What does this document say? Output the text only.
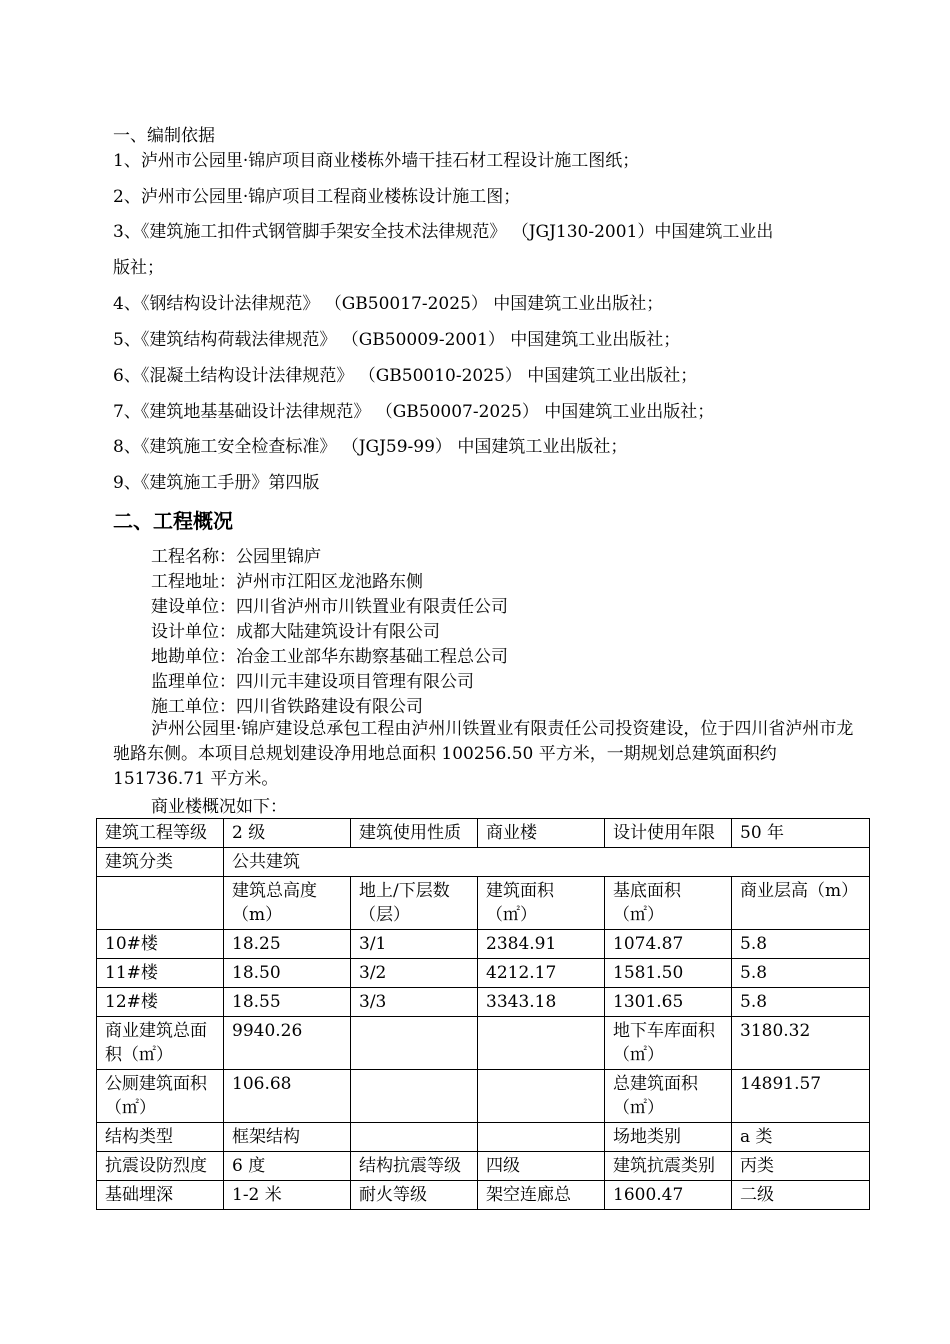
一、编制依据
1、泸州市公园里·锦庐项目商业楼栋外墙干挂石材工程设计施工图纸；
2、泸州市公园里·锦庐项目工程商业楼栋设计施工图；
3、《建筑施工扣件式钢管脚手架安全技术法律规范》 （JGJ130-2001）中国建筑工业出
版社；
4、《钢结构设计法律规范》 （GB50017-2025） 中国建筑工业出版社；
5、《建筑结构荷载法律规范》 （GB50009-2001） 中国建筑工业出版社；
6、《混凝土结构设计法律规范》 （GB50010-2025） 中国建筑工业出版社；
7、《建筑地基基础设计法律规范》 （GB50007-2025） 中国建筑工业出版社；
8、《建筑施工安全检查标准》 （JGJ59-99） 中国建筑工业出版社；
9、《建筑施工手册》第四版
二、工程概况
工程名称：公园里锦庐
工程地址：泸州市江阳区龙池路东侧
建设单位：四川省泸州市川铁置业有限责任公司
设计单位：成都大陆建筑设计有限公司
地勘单位：冶金工业部华东勘察基础工程总公司
监理单位：四川元丰建设项目管理有限公司
施工单位：四川省铁路建设有限公司
泸州公园里·锦庐建设总承包工程由泸州川铁置业有限责任公司投资建设，位于四川省泸州市龙驰路东侧。本项目总规划建设净用地总面积 100256.50 平方米，一期规划总建筑面积约 151736.71 平方米。
商业楼概况如下：
建筑工程等级	2 级	建筑使用性质	商业楼	设计使用年限	50 年
建筑分类	公共建筑				
	建筑总高度（m）	地上/下层数（层）	建筑面积（㎡）	基底面积（㎡）	商业层高（m）
10#楼	18.25	3/1	2384.91	1074.87	5.8
11#楼	18.50	3/2	4212.17	1581.50	5.8
12#楼	18.55	3/3	3343.18	1301.65	5.8
商业建筑总面积（㎡）	9940.26			地下车库面积（㎡）	3180.32
公厕建筑面积（㎡）	106.68			总建筑面积（㎡）	14891.57
结构类型	框架结构			场地类别	a 类
抗震设防烈度	6 度	结构抗震等级	四级	建筑抗震类别	丙类
基础埋深	1-2 米	耐火等级	架空连廊总	1600.47	二级
